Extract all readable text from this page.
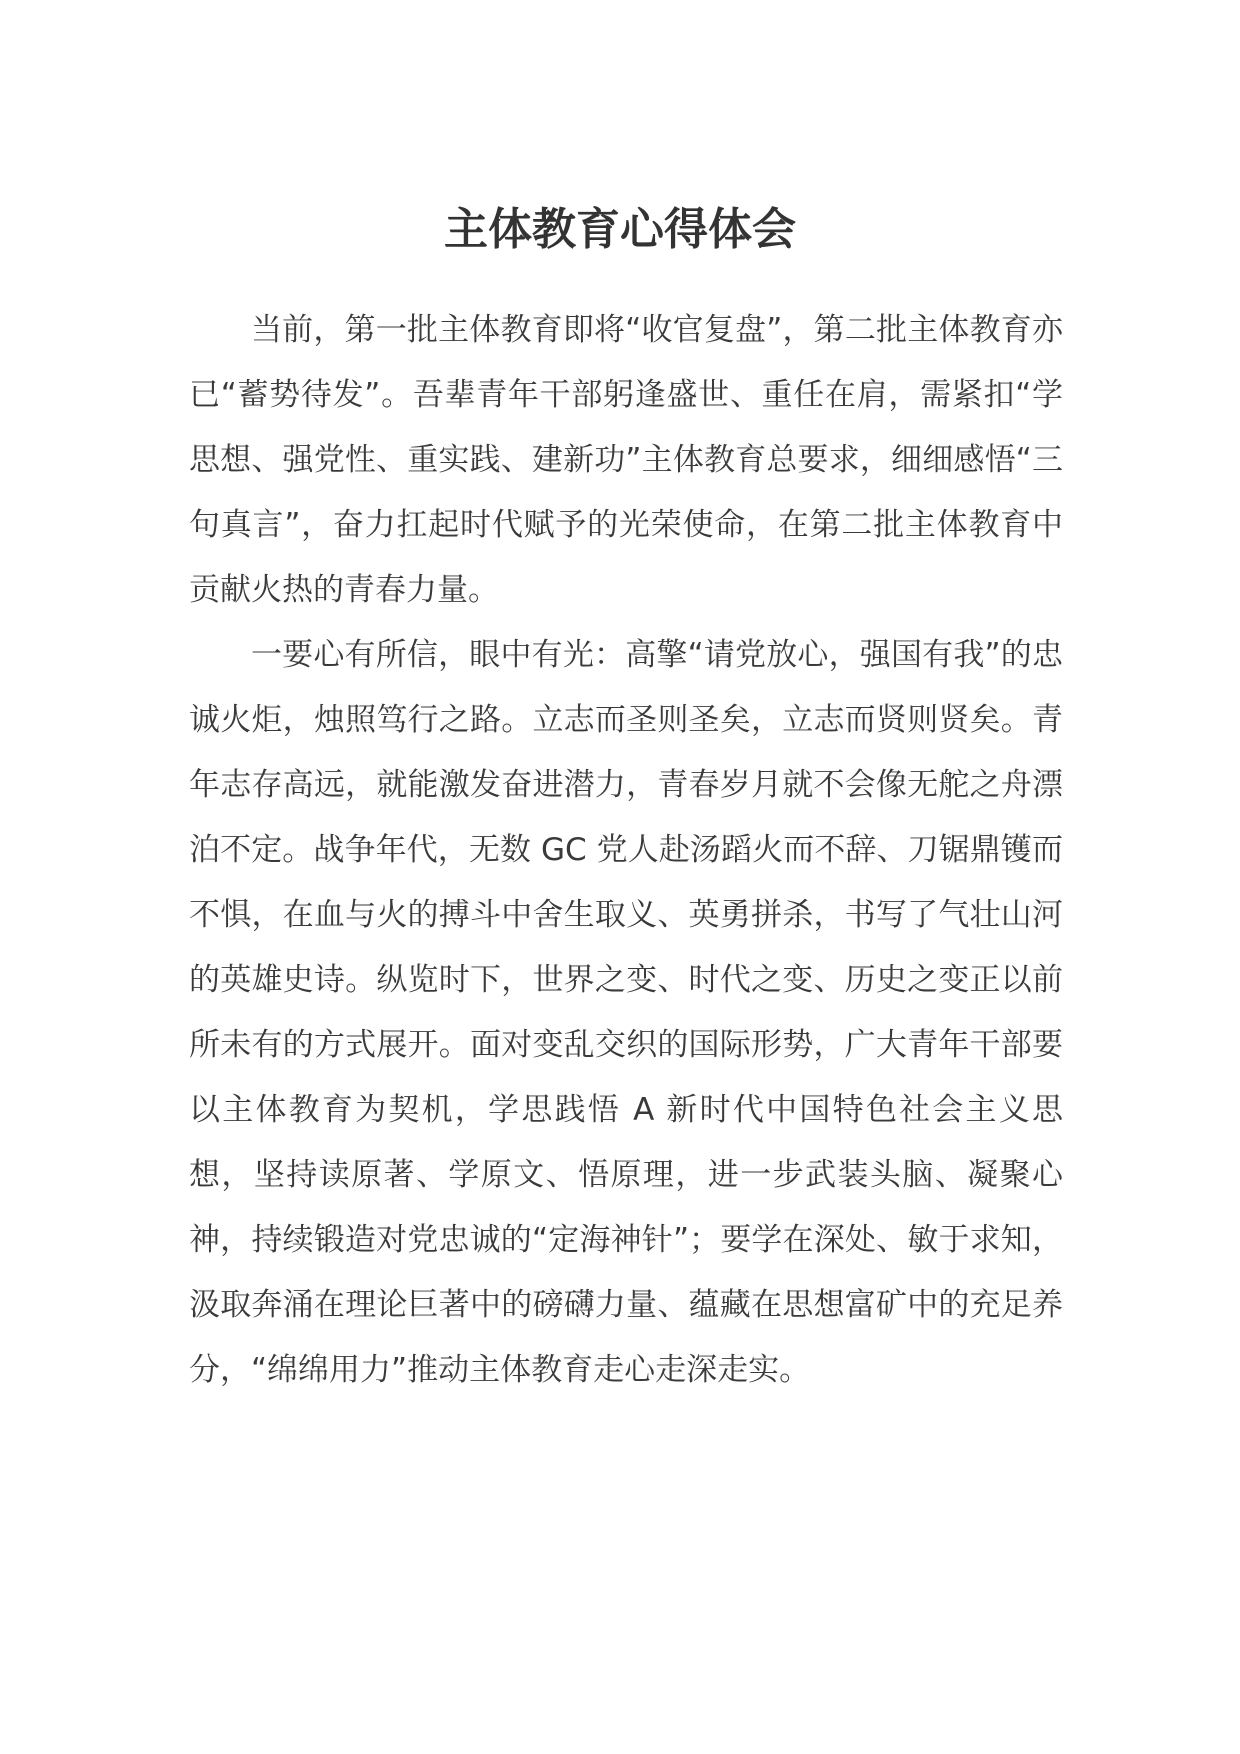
主体教育心得体会

当前，第一批主体教育即将“收官复盘”，第二批主体教育亦已“蓄势待发”。吾辈青年干部躬逢盛世、重任在肩，需紧扣“学思想、强党性、重实践、建新功”主体教育总要求，细细感悟“三句真言”，奋力扛起时代赋予的光荣使命，在第二批主体教育中贡献火热的青春力量。

一要心有所信，眼中有光：高擎“请党放心，强国有我”的忠诚火炬，烛照笃行之路。立志而圣则圣矣，立志而贤则贤矣。青年志存高远，就能激发奋进潜力，青春岁月就不会像无舵之舟漂泊不定。战争年代，无数 GC 党人赴汤蹈火而不辞、刀锯鼎镬而不惧，在血与火的搏斗中舍生取义、英勇拼杀，书写了气壮山河的英雄史诗。纵览时下，世界之变、时代之变、历史之变正以前所未有的方式展开。面对变乱交织的国际形势，广大青年干部要以主体教育为契机，学思践悟 A 新时代中国特色社会主义思想，坚持读原著、学原文、悟原理，进一步武装头脑、凝聚心神，持续锻造对党忠诚的“定海神针”；要学在深处、敏于求知，汲取奔涌在理论巨著中的磅礴力量、蕴藏在思想富矿中的充足养分，“绵绵用力”推动主体教育走心走深走实。
